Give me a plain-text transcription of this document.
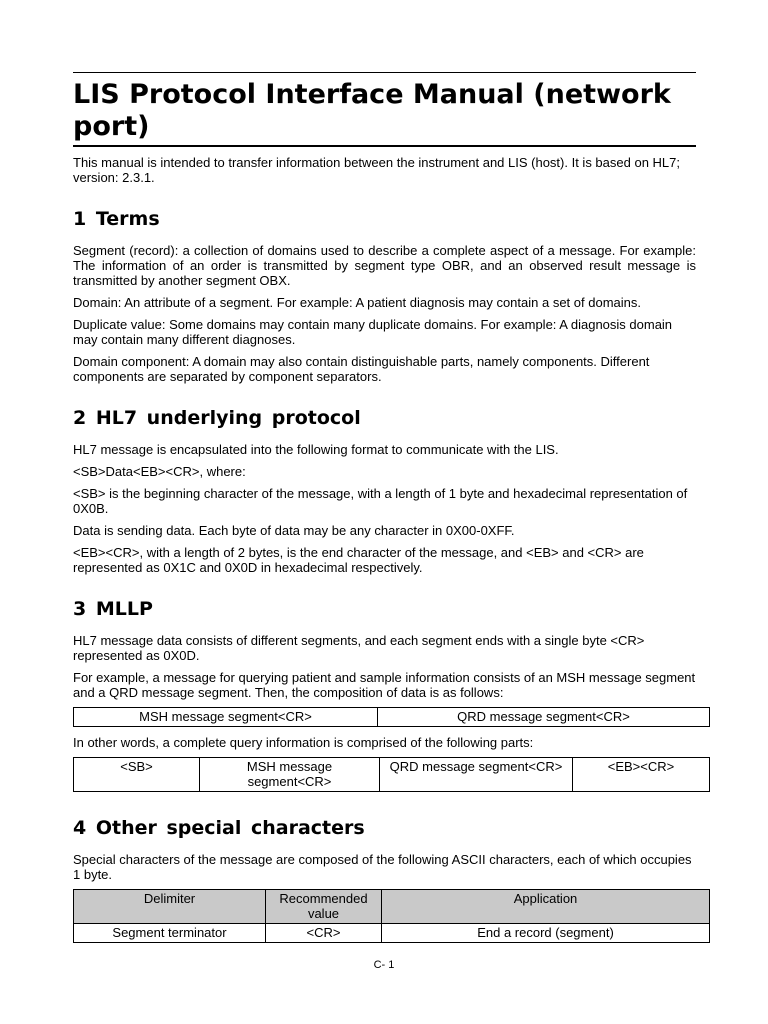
LIS Protocol Interface Manual (network port)

This manual is intended to transfer information between the instrument and LIS (host). It is based on HL7; version: 2.3.1.

1 Terms

Segment (record): a collection of domains used to describe a complete aspect of a message. For example: The information of an order is transmitted by segment type OBR, and an observed result message is transmitted by another segment OBX.

Domain: An attribute of a segment. For example: A patient diagnosis may contain a set of domains.

Duplicate value: Some domains may contain many duplicate domains. For example: A diagnosis domain may contain many different diagnoses.

Domain component: A domain may also contain distinguishable parts, namely components. Different components are separated by component separators.

2 HL7 underlying protocol

HL7 message is encapsulated into the following format to communicate with the LIS.

<SB>Data<EB><CR>, where:

<SB> is the beginning character of the message, with a length of 1 byte and hexadecimal representation of 0X0B.

Data is sending data. Each byte of data may be any character in 0X00-0XFF.

<EB><CR>, with a length of 2 bytes, is the end character of the message, and <EB> and <CR> are represented as 0X1C and 0X0D in hexadecimal respectively.

3 MLLP

HL7 message data consists of different segments, and each segment ends with a single byte <CR> represented as 0X0D.

For example, a message for querying patient and sample information consists of an MSH message segment and a QRD message segment. Then, the composition of data is as follows:

MSH message segment<CR>	QRD message segment<CR>

In other words, a complete query information is comprised of the following parts:

<SB>	MSH message segment<CR>	QRD message segment<CR>	<EB><CR>
4 Other special characters

Special characters of the message are composed of the following ASCII characters, each of which occupies 1 byte.

Delimiter	Recommended value	Application
Segment terminator	<CR>	End a record (segment)
C- 1
